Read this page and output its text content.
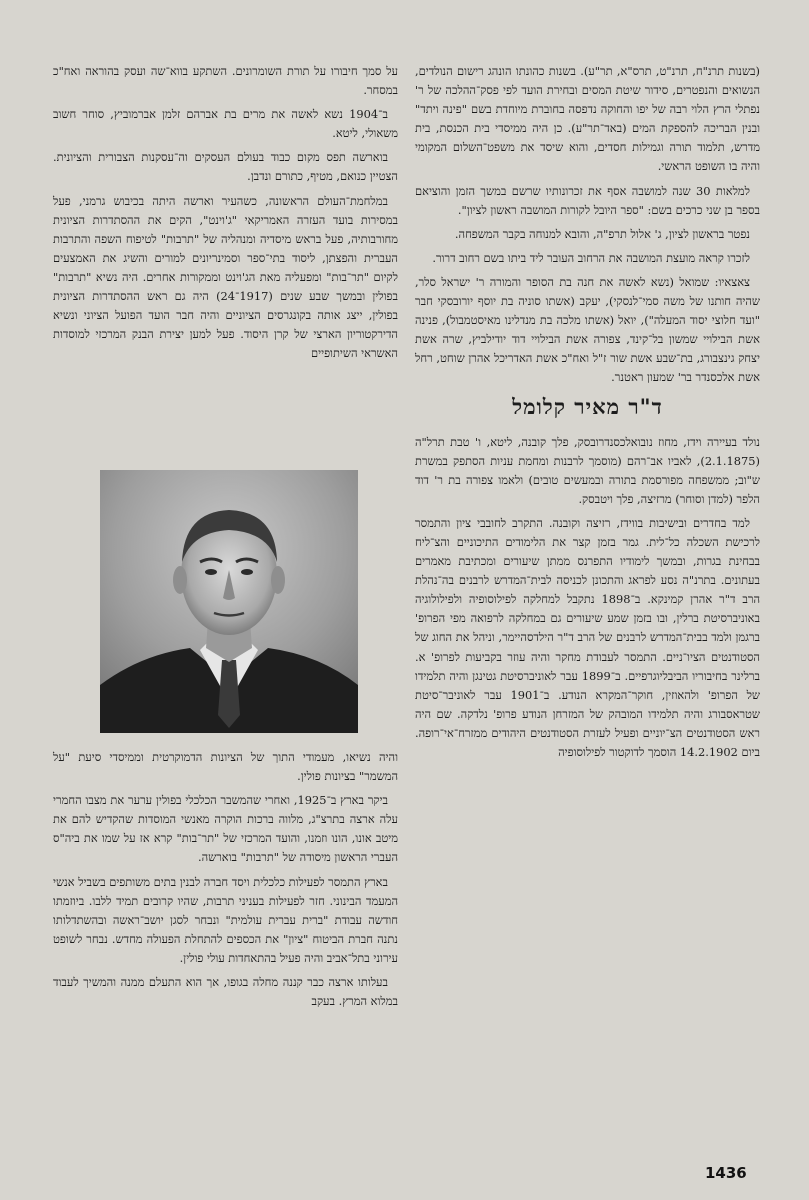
(בשנות תרנ"ח, תרנ"ט, תרס"א, תר"ע). בשנות כהונתו הונהג רישום הנולדים, הנשואים והנפטרים, סידור שיטת המסים ובחירת הועד לפי פסק־ההלכה של ר' נפתלי הרץ הלוי רבה של יפו והחוקה נדפסה בחוברת מיוחדת בשם "פינה ויתד" ובנין הבריכה להספקת המים (באד־תר"ע). כן היה ממיסדי בית הכנסת, בית מדרש, תלמוד תורה וגמילות חסדים, והוא שיסד את משפט־השלום המקומי והיה בו השופט הראשי.

למלאות 30 שנה למושבה אסף את זכרונותיו שרשם במשך הזמן והוציאם בספר בן שני כרכים בשם: "ספר היובל לקורות המושבה ראשון לציון".

נפטר בראשון לציון, ג' אלול תרפ"ה, והובא למנוחה בקבר המשפחה.

לזכרו קראה מועצת המושבה את הרחוב העובר ליד ביתו בשם רחוב דרור.

צאצאיו: שמואל (נשא לאשה את חנה בת הסופר והמורה ר' ישראל סלר, שהיה חותנו של משה סמי־לנסקי), יעקב (אשתו סוניה בת יוסף יורובסקי חבר "ועד חלוצי יסוד המעלה"), יואל (אשתו מלכה בת מנדלינו מאיסטמבול), פנינה אשת הבילויי שמשון בל־קינד, צפורה אשת הבילויי דוד יודילביץ, שרה אשת יצחק גינצבורג, בת־שבע אשת שור ז"ל ואח"כ אשת האדריכל אהרן שוחט, רחל אשת אלכסנדר בר' שמעון ראטנר.

ד"ר מאיר קלומל

נולד בעיירה וידז, מחוז נובואלכסנדרובסק, פלך קובנה, ליטא, ו' טבת תרל"ה (2.1.1875), לאביו אב־רהם (מוסמך לרבנות ומחמת עניות הסתפק במשרת ש"וב; ממשפחה מפורסמת בתורה ובמעשים טובים) ולאמו צפורה בת ר' דוד הלפר (למדן וסוחר) מרזיצה, פלך ויטבסק.

למד בחדרים ובישיבות בווידז, רזיצה וקובנה. התקרב לחובבי ציון והתמסר לרכישת השכלה כל־לית. גמר בזמן קצר את הלימודים התיכוניים והצ־ליח בבחינת בגרות, ובמשך לימודיו התפרנס ממתן שיעורים ומכתיבת מאמרים בעתונים. בתרנ"ה נסע לפראג והתכונן לכניסה לבית־המדרש לרבנים בה־נהלת הרב ד"ר אהרן קמינקא. ב־1898 נתקבל למחלקה לפילוסופיה ולפילולוגיה באוניברסיטת ברלין, ובו בזמן שמע שיעורים גם במחלקה לרפואה מפי הפרופ' ברגמן ולמד בבית־המדרש לרבנים של הרב ד"ר הילדסהיימר, וניהל את החוג של הסטודנטים הציו־ניים. התמסר לעבודת מחקר והיה עוזר בקביעות לפרופ' א. ברלינר בחיבוריו הביבליוגרפיים. ב־1899 עבר לאוניברסיטת גטינגן והיה תלמידו של הפרופ' ולהאוזין, חוקר־המקרא הנודע. ב־1901 עבר לאוניבר־סיטת שטראסבורג והיה תלמידו המובהק של המזרחן הנודע פרופ' נלדקה. שם היה ראש הסטודנטים הצ־יוניים ופעיל לעזרת הסטודנטים היהודים ממזרח־אי־רופה. ביום 14.2.1902 הוסמך לדוקטור לפילוסופיה

על סמך חיבורו על תורת השומרונים. השתקע בווא־שה ועסק בהוראה ואח"כ במסחר.

ב־1904 נשא לאשה את מרים בת אברהם זלמן אברמוביץ, סוחר חשוב משאולי, ליטא.

בוארשה תפס מקום כבוד בעולם העסקים וה־עסקנות הצבורית והציונית. הצטיין כנואם, מטיף, כתורם ונדבן.

במלחמת־העולם הראשונה, כשהעיר וארשה היתה בכיבוש גרמני, פעל במסירות בועד העזרה האמריקאי "ג'וינט", הקים את ההסתדרות הציונית מחורבותיה, פעל בראש מיסדיה ומנהליה של "תרבות" לטיפוח השפה והתרבות העברית והפצתן, ליסוד בתי־ספר וסמינריונים למורים והשיג את האמצעים לקיום "תר־בות" ומפעליה מאת הג'וינט וממקורות אחרים. היה נשיא "תרבות" בפולין ובמשך שבע שנים (1917־24) היה גם ראש ההסתדרות הציונית בפולין, ייצג אותה בקונגרסים הציוניים והיה חבר הועד הפועל הציוני ונשיא הדירקטוריון הארצי של קרן היסוד. פעל למען יצירת הבנק המרכזי למוסדות האשראי השיתופיים

והיה נשיאו, מעמודי התוך של הציונות הדמוקרטית וממיסדי סיעת "על המשמר" בציונות פולין.

ביקר בארץ ב־1925, ואחרי שהמשבר הכלכלי בפולין ערער את מצבו החמרי עלה ארצה בתרצ"ג, מלווה ברכות הוקרה מאנשי המוסדות שהקדיש להם את מיטב אונו, הונו וזמנו, והועד המרכזי של "תר־בות" קרא אז על שמו את ביה"ס העברי הראשון מיסודה של "תרבות" בוארשה.

בארץ התמסר לפעילות כלכלית ויסד חברה לבנין בתים משותפים בשביל אנשי המעמד הבינוני. חזר לפעילות בעניני תרבות, שהיו קרובים תמיד ללבו. ביוזמתו חודשה עבודת "ברית עברית עולמית" ונבחר לסגן יושב־ראשה ובהשתדלותו נתנה חברת הביטוח "ציון" את הכספים להתחלת הפעולה מחדש. נבחר לשופט עירוני בתל־אביב והיה פעיל בהתאחדות עולי פולין.

בעלותו ארצה כבר קננה מחלה בגופו, אך הוא התעלם ממנה והמשיך לעבוד במלוא המרץ. בעקב

1436
